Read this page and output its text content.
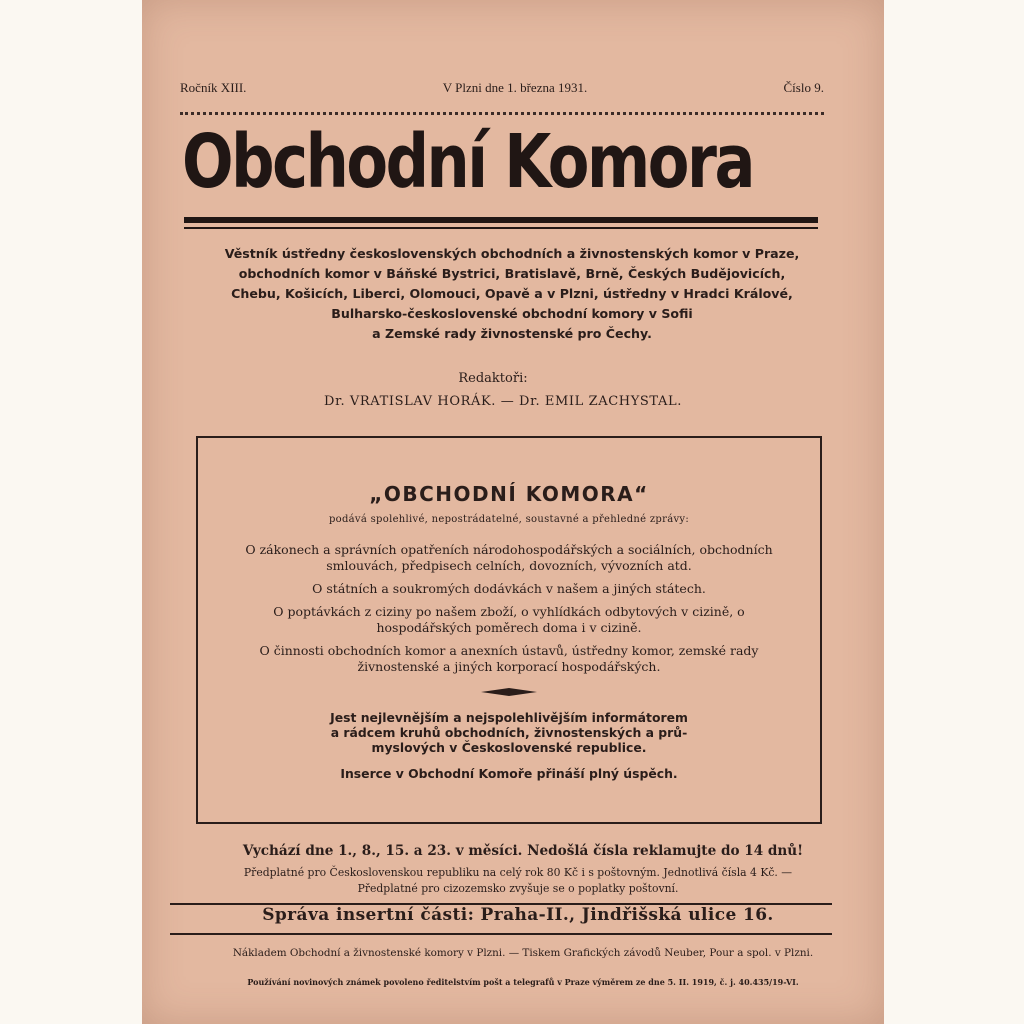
Ročník XIII.	V Plzni dne 1. března 1931.	Číslo 9.
Obchodní Komora
Věstník ústředny československých obchodních a živnostenských komor v Praze,
obchodních komor v Báňské Bystrici, Bratislavě, Brně, Českých Budějovicích,
Chebu, Košicích, Liberci, Olomouci, Opavě a v Plzni, ústředny v Hradci Králové,
Bulharsko-československé obchodní komory v Sofii
a Zemské rady živnostenské pro Čechy.
Redaktoři:
Dr. VRATISLAV HORÁK. — Dr. EMIL ZACHYSTAL.
„OBCHODNÍ KOMORA“
podává spolehlivé, nepostrádatelné, soustavné a přehledné zprávy:

O zákonech a správních opatřeních národohospodářských a sociálních, obchodních smlouvách, předpisech celních, dovozních, vývozních atd.

O státních a soukromých dodávkách v našem a jiných státech.

O poptávkách z ciziny po našem zboží, o vyhlídkách odbytových v cizině, o hospodářských poměrech doma i v cizině.

O činnosti obchodních komor a anexních ústavů, ústředny komor, zemské rady živnostenské a jiných korporací hospodářských.

Jest nejlevnějším a nejspolehlivějším informátorem
a rádcem kruhů obchodních, živnostenských a prů-
myslových v Československé republice.
Inserce v Obchodní Komoře přináší plný úspěch.
Vychází dne 1., 8., 15. a 23. v měsíci. Nedošlá čísla reklamujte do 14 dnů!
Předplatné pro Československou republiku na celý rok 80 Kč i s poštovným. Jednotlivá čísla 4 Kč. —
Předplatné pro cizozemsko zvyšuje se o poplatky poštovní.
Správa insertní části: Praha-II., Jindřišská ulice 16.
Nákladem Obchodní a živnostenské komory v Plzni. — Tiskem Grafických závodů Neuber, Pour a spol. v Plzni.
Používání novinových známek povoleno ředitelstvím pošt a telegrafů v Praze výměrem ze dne 5. II. 1919, č. j. 40.435/19-VI.
